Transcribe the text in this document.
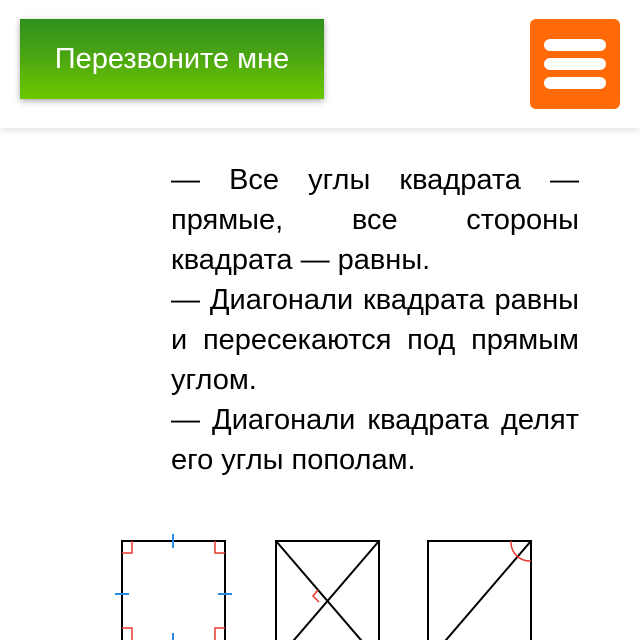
Перезвоните мне

— Все углы квадрата — прямые, все стороны квадрата — равны.

— Диагонали квадрата равны и пересекаются под прямым углом.

— Диагонали квадрата делят его углы пополам.
